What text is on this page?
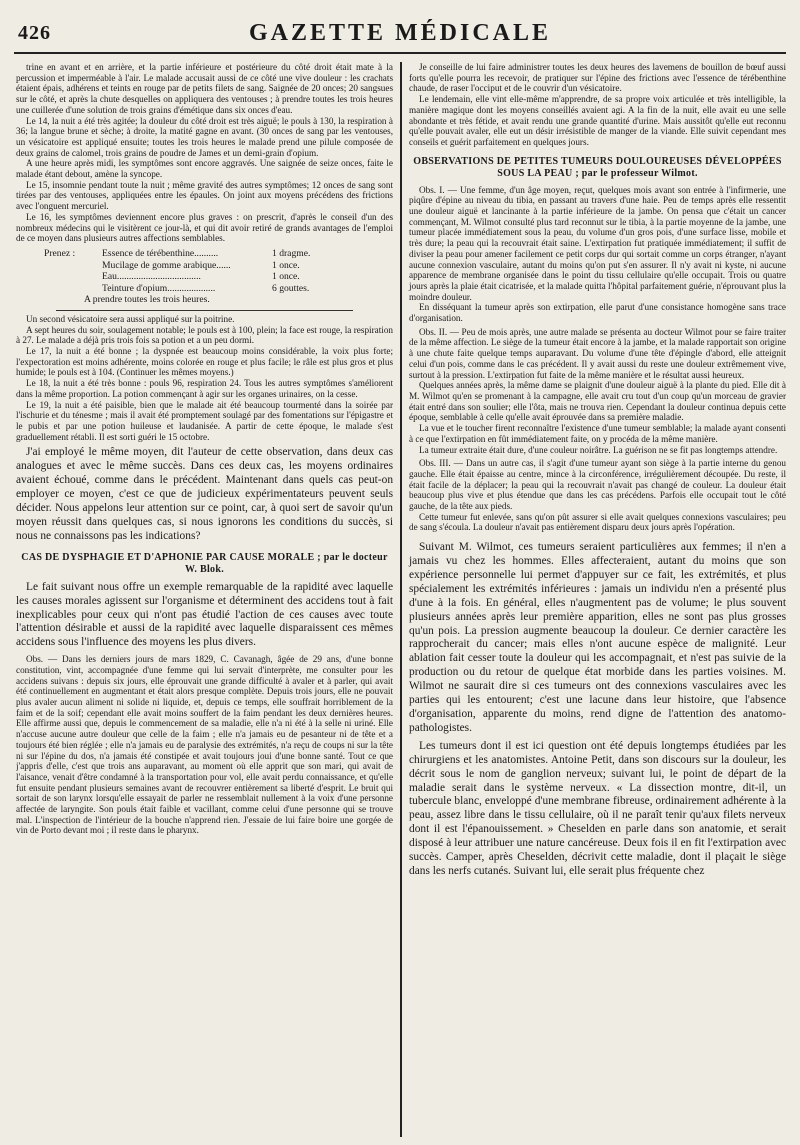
426	GAZETTE MÉDICALE

trine en avant et en arrière, et la partie inférieure et postérieure du côté droit était mate à la percussion et imperméable à l'air. Le malade accusait aussi de ce côté une vive douleur : les crachats étaient épais, adhérens et teints en rouge par de petits filets de sang. Saignée de 20 onces; 20 sangsues sur le côté, et après la chute desquelles on appliquera des ventouses ; à prendre toutes les trois heures une cuillerée d'une solution de trois grains d'émétique dans six onces d'eau.

Le 14, la nuit a été très agitée; la douleur du côté droit est très aiguë; le pouls à 130, la respiration à 36; la langue brune et sèche; à droite, la matité gagne en avant. (30 onces de sang par les ventouses, un vésicatoire est appliqué ensuite; toutes les trois heures le malade prend une pilule composée de deux grains de calomel, trois grains de poudre de James et un demi-grain d'opium.

A une heure après midi, les symptômes sont encore aggravés. Une saignée de seize onces, faite le malade étant debout, amène la syncope.

Le 15, insomnie pendant toute la nuit ; même gravité des autres symptômes; 12 onces de sang sont tirées par des ventouses, appliquées entre les épaules. On joint aux moyens précédens des frictions avec l'onguent mercuriel.

Le 16, les symptômes deviennent encore plus graves : on prescrit, d'après le conseil d'un des nombreux médecins qui le visitèrent ce jour-là, et qui dit avoir retiré de grands avantages de l'emploi de ce moyen dans plusieurs autres affections semblables.

Prenez :	Essence de térébenthine..........	1 dragme.
Mucilage de gomme arabique......	1 once.
Eau...................................	1 once.
Teinture d'opium....................	6 gouttes.
A prendre toutes les trois heures.

Un second vésicatoire sera aussi appliqué sur la poitrine.

A sept heures du soir, soulagement notable; le pouls est à 100, plein; la face est rouge, la respiration à 27. Le malade a déjà pris trois fois sa potion et a un peu dormi.

Le 17, la nuit a été bonne ; la dyspnée est beaucoup moins considérable, la voix plus forte; l'expectoration est moins adhérente, moins colorée en rouge et plus facile; le râle est plus gros et plus humide; le pouls est à 104. (Continuer les mêmes moyens.)

Le 18, la nuit a été très bonne : pouls 96, respiration 24. Tous les autres symptômes s'améliorent dans la même proportion. La potion commençant à agir sur les organes urinaires, on la cesse.

Le 19, la nuit a été paisible, bien que le malade ait été beaucoup tourmenté dans la soirée par l'ischurie et du ténesme ; mais il avait été promptement soulagé par des fomentations sur l'épigastre et le pubis et par une potion huileuse et laudanisée. A partir de cette époque, le malade s'est graduellement rétabli. Il est sorti guéri le 15 octobre.

J'ai employé le même moyen, dit l'auteur de cette observation, dans deux cas analogues et avec le même succès. Dans ces deux cas, les moyens ordinaires avaient échoué, comme dans le précédent. Maintenant dans quels cas peut-on employer ce moyen, c'est ce que de judicieux expérimentateurs peuvent seuls décider. Nous appelons leur attention sur ce point, car, à quoi sert de savoir qu'un moyen réussit dans quelques cas, si nous ignorons les conditions du succès, si nous ne connaissons pas les indications?

CAS DE DYSPHAGIE ET D'APHONIE PAR CAUSE MORALE ; par le docteur W. Blok.

Le fait suivant nous offre un exemple remarquable de la rapidité avec laquelle les causes morales agissent sur l'organisme et déterminent des accidens tout à fait inexplicables pour ceux qui n'ont pas étudié l'action de ces causes avec toute l'attention désirable et aussi de la rapidité avec laquelle disparaissent ces mêmes accidens sous l'influence des moyens les plus divers.

Obs. — Dans les derniers jours de mars 1829, C. Cavanagh, âgée de 29 ans, d'une bonne constitution, vint, accompagnée d'une femme qui lui servait d'interprète, me consulter pour les accidens suivans : depuis six jours, elle éprouvait une grande difficulté à avaler et à parler, qui avait été continuellement en augmentant et était alors presque complète. Depuis trois jours, elle ne pouvait plus avaler aucun aliment ni solide ni liquide, et, depuis ce temps, elle souffrait horriblement de la faim et de la soif; cependant elle avait moins souffert de la faim pendant les deux dernières heures. Elle affirme aussi que, depuis le commencement de sa maladie, elle n'a ni été à la selle ni uriné. Elle n'accuse aucune autre douleur que celle de la faim ; elle n'a jamais eu de pesanteur ni de tête et a toujours été bien réglée ; elle n'a jamais eu de paralysie des extrémités, n'a reçu de coups ni sur la tête ni sur l'épine du dos, n'a jamais été constipée et avait toujours joui d'une bonne santé. Tout ce que j'appris d'elle, c'est que trois ans auparavant, au moment où elle apprit que son mari, qui avait de l'aisance, venait d'être condamné à la transportation pour vol, elle avait perdu connaissance, et qu'elle fut ensuite pendant plusieurs semaines avant de recouvrer entièrement sa liberté d'esprit. Le bruit qui sortait de son larynx lorsqu'elle essayait de parler ne ressemblait nullement à la voix d'une personne affectée de laryngite. Son pouls était faible et vacillant, comme celui d'une personne qui se trouve mal. L'inspection de l'intérieur de la bouche n'apprend rien. J'essaie de lui faire boire une gorgée de vin de Porto devant moi ; il reste dans le pharynx.

Je conseille de lui faire administrer toutes les deux heures des lavemens de bouillon de bœuf aussi forts qu'elle pourra les recevoir, de pratiquer sur l'épine des frictions avec l'essence de térébenthine chaude, de raser l'occiput et de le couvrir d'un vésicatoire.

Le lendemain, elle vint elle-même m'apprendre, de sa propre voix articulée et très intelligible, la manière magique dont les moyens conseillés avaient agi. A la fin de la nuit, elle avait eu une selle abondante et très fétide, et avait rendu une grande quantité d'urine. Mais aussitôt qu'elle eut reconnu qu'elle pouvait avaler, elle eut un désir irrésistible de manger de la viande. Elle suivit cependant mes conseils et guérit parfaitement en quelques jours.

OBSERVATIONS DE PETITES TUMEURS DOULOUREUSES DÉVELOPPÉES SOUS LA PEAU ; par le professeur Wilmot.

Obs. I. — Une femme, d'un âge moyen, reçut, quelques mois avant son entrée à l'infirmerie, une piqûre d'épine au niveau du tibia, en passant au travers d'une haie. Peu de temps après elle ressentit une douleur aiguë et lancinante à la partie inférieure de la jambe. On pensa que c'était un cancer commençant, M. Wilmot consulté plus tard reconnut sur le tibia, à la partie moyenne de la jambe, une tumeur placée immédiatement sous la peau, du volume d'un gros pois, d'une surface lisse, mobile et très dure; la peau qui la recouvrait était saine. L'extirpation fut pratiquée immédiatement; il suffit de diviser la peau pour amener facilement ce petit corps dur qui sortait comme un corps étranger, n'ayant aucune connexion vasculaire, autant du moins qu'on put s'en assurer. Il n'y avait ni kyste, ni aucune apparence de membrane organisée dans le point du tissu cellulaire qu'elle occupait. Trois ou quatre jours après la plaie était cicatrisée, et la malade quitta l'hôpital parfaitement guérie, n'éprouvant plus la moindre douleur.

En disséquant la tumeur après son extirpation, elle parut d'une consistance homogène sans trace d'organisation.

Obs. II. — Peu de mois après, une autre malade se présenta au docteur Wilmot pour se faire traiter de la même affection. Le siège de la tumeur était encore à la jambe, et la malade rapportait son origine à une chute faite quelque temps auparavant. Du volume d'une tête d'épingle d'abord, elle atteignit celui d'un pois, comme dans le cas précédent. Il y avait aussi du reste une douleur extrêmement vive, surtout à la pression. L'extirpation fut faite de la même manière et le résultat aussi heureux.

Quelques années après, la même dame se plaignit d'une douleur aiguë à la plante du pied. Elle dit à M. Wilmot qu'en se promenant à la campagne, elle avait cru tout d'un coup qu'un morceau de gravier était entré dans son soulier; elle l'ôta, mais ne trouva rien. Cependant la douleur continua depuis cette époque, semblable à celle qu'elle avait éprouvée dans sa première maladie.

La vue et le toucher firent reconnaître l'existence d'une tumeur semblable; la malade ayant consenti à ce que l'extirpation en fût immédiatement faite, on y procéda de la même manière.

La tumeur extraite était dure, d'une couleur noirâtre. La guérison ne se fit pas longtemps attendre.

Obs. III. — Dans un autre cas, il s'agit d'une tumeur ayant son siège à la partie interne du genou gauche. Elle était épaisse au centre, mince à la circonférence, irrégulièrement découpée. Du reste, il était facile de la déplacer; la peau qui la recouvrait n'avait pas changé de couleur. La douleur était beaucoup plus vive et plus étendue que dans les cas précédens. Parfois elle occupait tout le côté gauche, de la tête aux pieds.

Cette tumeur fut enlevée, sans qu'on pût assurer si elle avait quelques connexions vasculaires; peu de sang s'écoula. La douleur n'avait pas entièrement disparu deux jours après l'opération.

Suivant M. Wilmot, ces tumeurs seraient particulières aux femmes; il n'en a jamais vu chez les hommes. Elles affecteraient, autant du moins que son expérience personnelle lui permet d'appuyer sur ce fait, les extrémités, et plus spécialement les extrémités inférieures : jamais un individu n'en a présenté plus d'une à la fois. En général, elles n'augmentent pas de volume; le plus souvent plusieurs années après leur première apparition, elles ne sont pas plus grosses qu'un pois. La pression augmente beaucoup la douleur. Ce dernier caractère les rapprocherait du cancer; mais elles n'ont aucune espèce de malignité. Leur ablation fait cesser toute la douleur qui les accompagnait, et n'est pas suivie de la production ou du retour de quelque état morbide dans les parties voisines. M. Wilmot ne saurait dire si ces tumeurs ont des connexions vasculaires avec les parties qui les entourent; c'est une lacune dans leur histoire, que l'absence d'organisation, apparente du moins, rend digne de l'attention des anatomo-pathologistes.

Les tumeurs dont il est ici question ont été depuis longtemps étudiées par les chirurgiens et les anatomistes. Antoine Petit, dans son discours sur la douleur, les décrit sous le nom de ganglion nerveux; suivant lui, le point de départ de la maladie serait dans le système nerveux. « La dissection montre, dit-il, un tubercule blanc, enveloppé d'une membrane fibreuse, ordinairement adhérente à la peau, assez libre dans le tissu cellulaire, où il ne paraît tenir qu'aux filets nerveux dont il est l'épanouissement. » Cheselden en parle dans son anatomie, et serait disposé à leur attribuer une nature cancéreuse. Deux fois il en fit l'extirpation avec succès. Camper, après Cheselden, décrivit cette maladie, dont il plaçait le siège dans les nerfs cutanés. Suivant lui, elle serait plus fréquente chez
